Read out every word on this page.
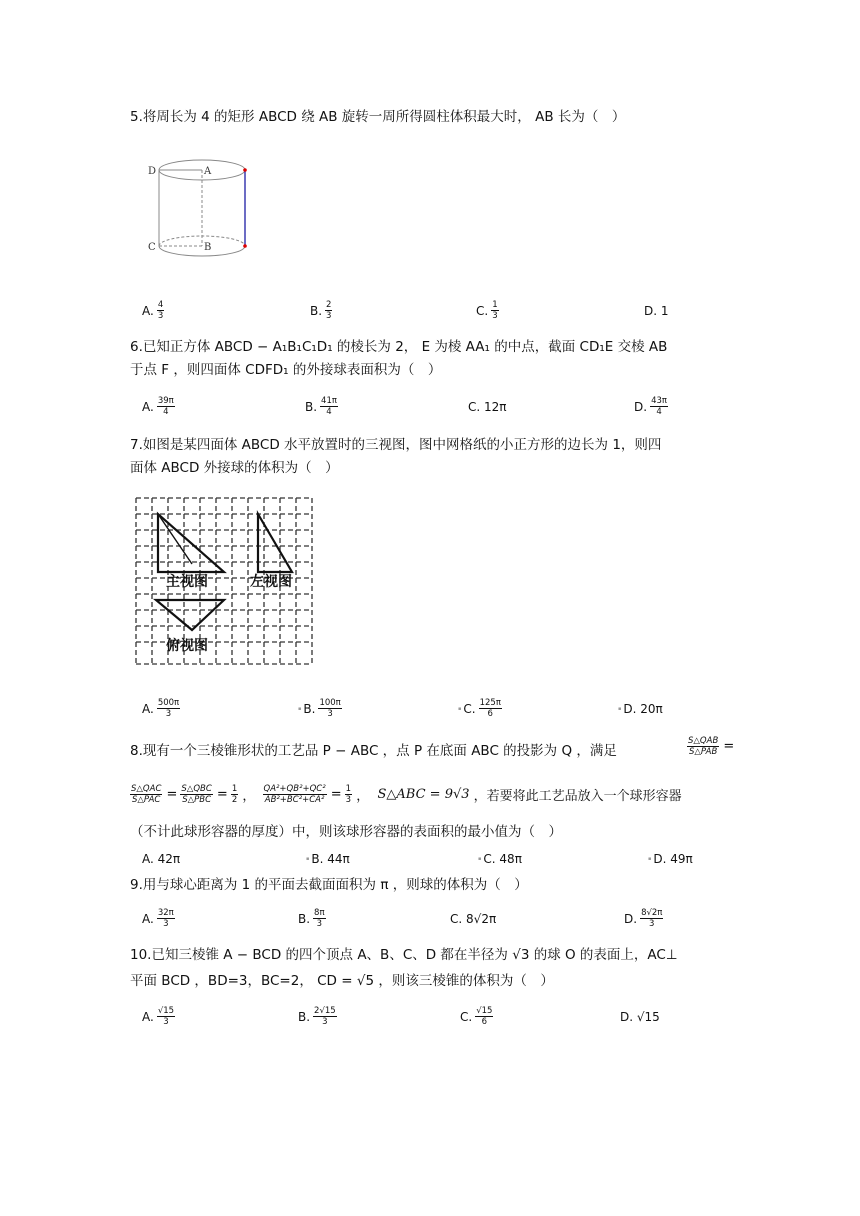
5.将周长为 4 的矩形 ABCD 绕 AB 旋转一周所得圆柱体积最大时， AB 长为（　）
D	A
C	B
A. $\frac{4}{3}$	B. $\frac{2}{3}$	C. $\frac{1}{3}$	D.
1
6.已知正方体 ABCD − A₁B₁C₁D₁ 的棱长为 2， E 为棱 AA₁ 的中点，截面 CD₁E 交棱 AB
于点 F ，则四面体 CDFD₁ 的外接球表面积为（　）
A. $\frac{39\pi}{4}$	B. $\frac{41\pi}{4}$	C.
12π	D. $\frac{43\pi}{4}$
7.如图是某四面体 ABCD 水平放置时的三视图，图中网格纸的小正方形的边长为 1，则四
面体 ABCD 外接球的体积为（　）
主视图	左视图
俯视图
A. $\frac{500\pi}{3}$	▪ B. $\frac{100\pi}{3}$	▪ C. $\frac{125\pi}{6}$	▪ D.
20π
8.现有一个三棱锥形状的工艺品 P − ABC ，点 P 在底面 ABC 的投影为 Q ，满足	$\frac{\text{S△QAB}}{\text{S△PAB}}$ =
$\frac{\text{S△QAC}}{\text{S△PAC}} = \frac{\text{S△QBC}}{\text{S△PBC}} = \frac{1}{2}$ ， $\frac{\text{QA²+QB²+QC²}}{\text{AB²+BC²+CA²}} = \frac{1}{3}$ ， S△ABC = 9√3
，若要将此工艺品放入一个球形容器
（不计此球形容器的厚度）中，则该球形容器的表面积的最小值为（　）
A.
42π	▪ B.
44π	▪ C.
48π	▪ D.
49π
9.用与球心距离为 1 的平面去截面面积为 π ，则球的体积为（　）
A. $\frac{32\pi}{3}$	B. $\frac{8\pi}{3}$	C.
8√2π	D. $\frac{8√2\pi}{3}$
10.已知三棱锥 A − BCD 的四个顶点 A、B、C、D 都在半径为 √3 的球 O 的表面上，AC⊥
平面 BCD ，BD=3，BC=2， CD = √5 ，则该三棱锥的体积为（　）
A. $\frac{√15}{3}$	B. $\frac{2√15}{3}$	C. $\frac{√15}{6}$	D.
√15
